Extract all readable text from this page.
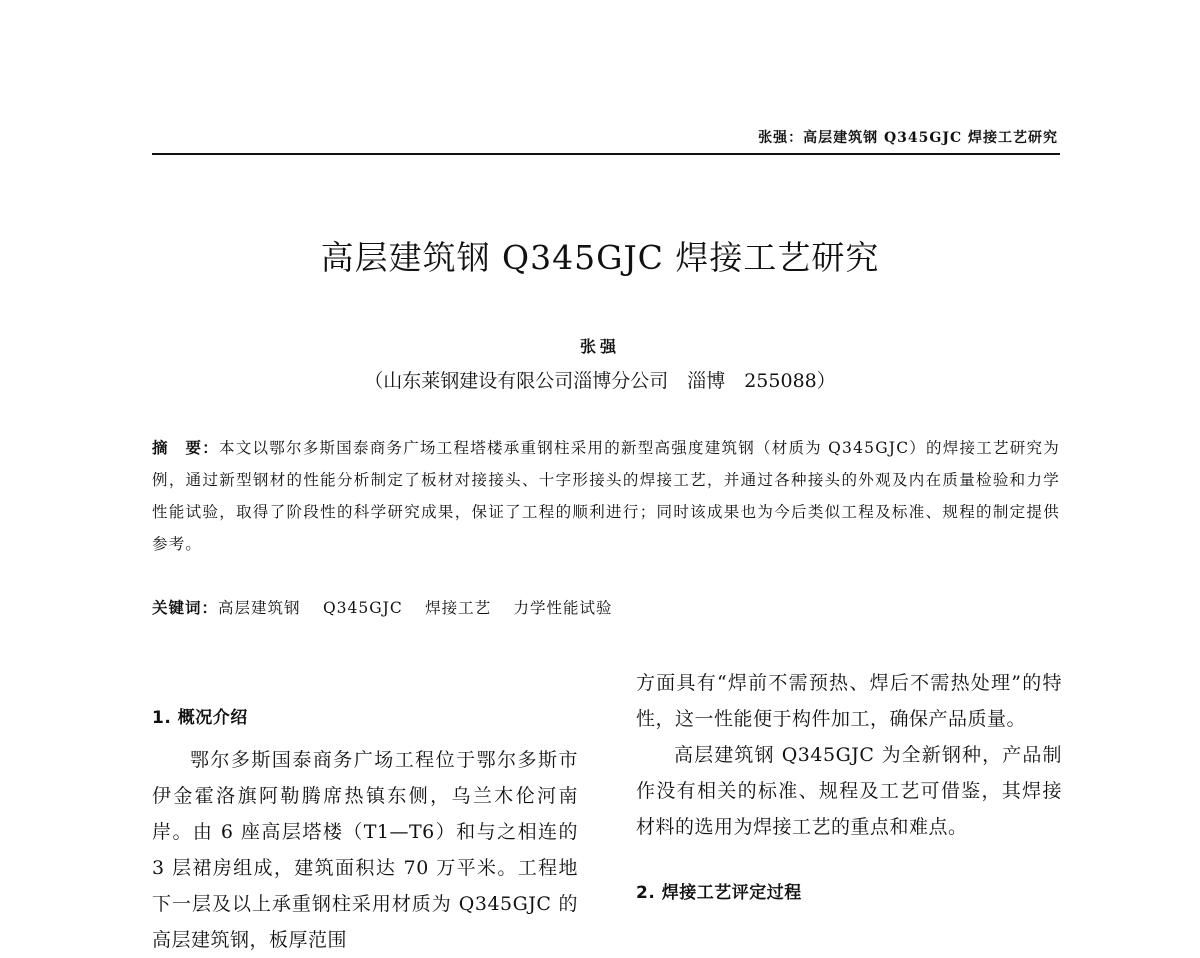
张强：高层建筑钢 Q345GJC 焊接工艺研究
高层建筑钢 Q345GJC 焊接工艺研究
张强
（山东莱钢建设有限公司淄博分公司　淄博　255088）
摘　要：本文以鄂尔多斯国泰商务广场工程塔楼承重钢柱采用的新型高强度建筑钢（材质为 Q345GJC）的焊接工艺研究为例，通过新型钢材的性能分析制定了板材对接接头、十字形接头的焊接工艺，并通过各种接头的外观及内在质量检验和力学性能试验，取得了阶段性的科学研究成果，保证了工程的顺利进行；同时该成果也为今后类似工程及标准、规程的制定提供参考。
关键词：高层建筑钢　 Q345GJC　 焊接工艺　 力学性能试验
1. 概况介绍

鄂尔多斯国泰商务广场工程位于鄂尔多斯市伊金霍洛旗阿勒腾席热镇东侧，乌兰木伦河南岸。由 6 座高层塔楼（T1—T6）和与之相连的 3 层裙房组成，建筑面积达 70 万平米。工程地下一层及以上承重钢柱采用材质为 Q345GJC 的高层建筑钢，板厚范围

方面具有“焊前不需预热、焊后不需热处理”的特性，这一性能便于构件加工，确保产品质量。

高层建筑钢 Q345GJC 为全新钢种，产品制作没有相关的标准、规程及工艺可借鉴，其焊接材料的选用为焊接工艺的重点和难点。

2. 焊接工艺评定过程
